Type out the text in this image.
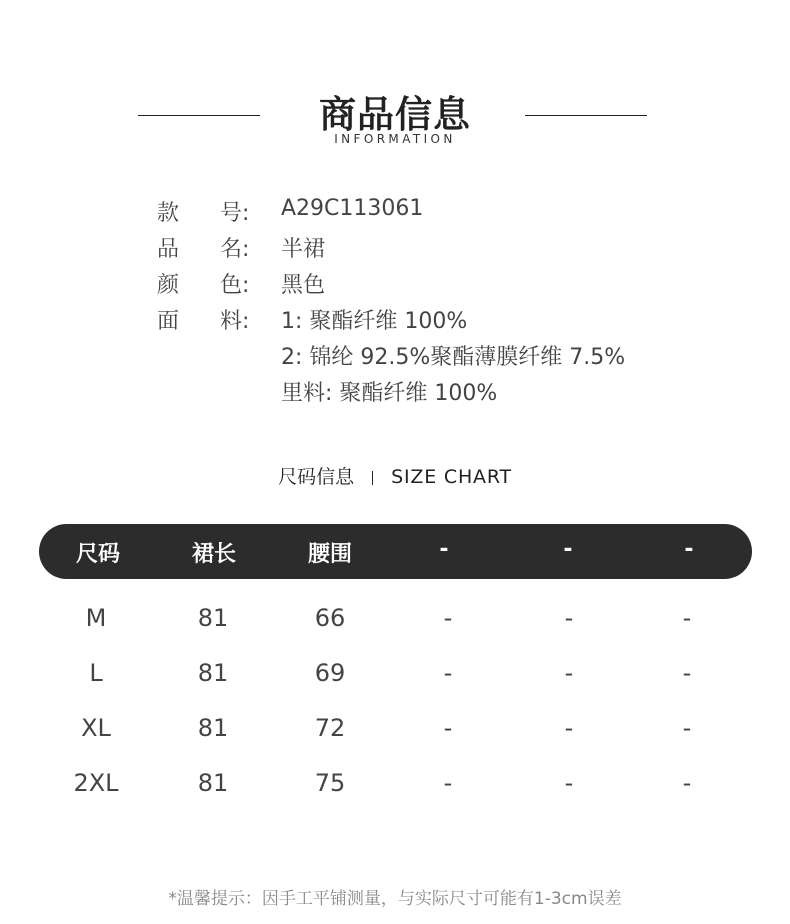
商品信息
INFORMATION
款 号: A29C113061
品 名: 半裙
颜 色: 黑色
面 料: 1: 聚酯纤维 100%
2: 锦纶 92.5%聚酯薄膜纤维 7.5%
里料: 聚酯纤维 100%
尺码信息 SIZE CHART
尺码	裙长	腰围	-	-	-
M	81	66	-	-	-
L	81	69	-	-	-
XL	81	72	-	-	-
2XL	81	75	-	-	-
*温馨提示：因手工平铺测量，与实际尺寸可能有1-3cm误差
